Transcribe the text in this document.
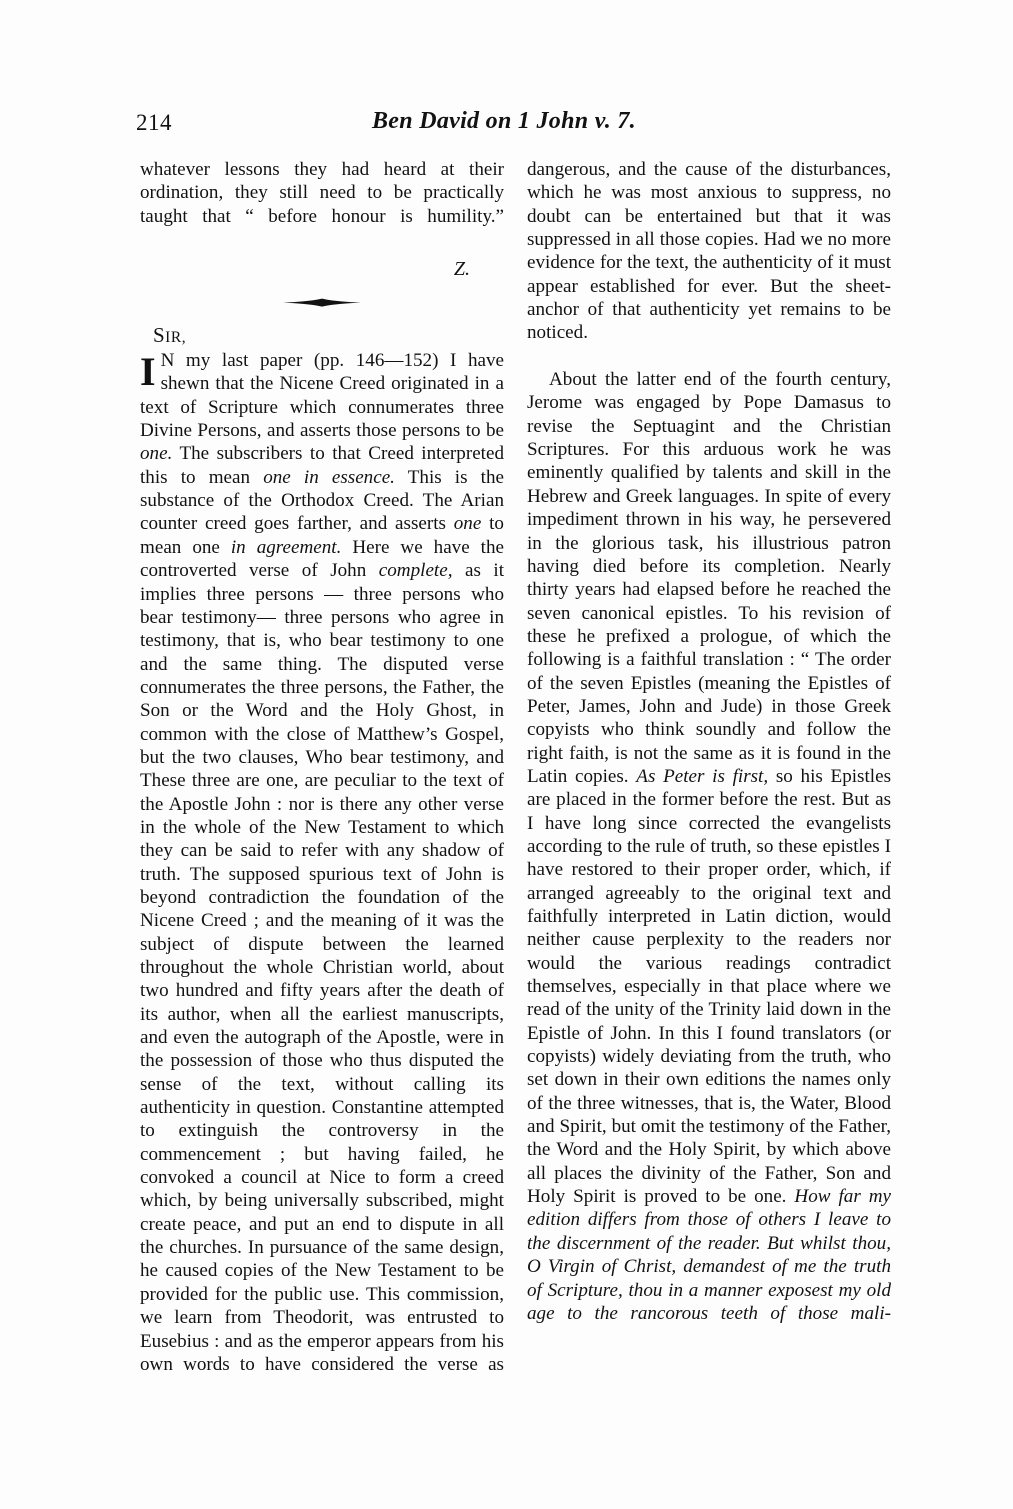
214	Ben David on 1 John v. 7.

whatever lessons they had heard at their ordination, they still need to be practically taught that “ before honour is humility.”

Z.
SIR,

I N my last paper (pp. 146—152) I have shewn that the Nicene Creed originated in a text of Scripture which connumerates three Divine Persons, and asserts those persons to be one. The subscribers to that Creed interpreted this to mean one in essence. This is the substance of the Orthodox Creed. The Arian counter creed goes farther, and asserts one to mean one in agreement. Here we have the controverted verse of John complete, as it implies three persons — three persons who bear testimony— three persons who agree in testimony, that is, who bear testimony to one and the same thing. The disputed verse connumerates the three persons, the Father, the Son or the Word and the Holy Ghost, in common with the close of Matthew’s Gospel, but the two clauses, Who bear testimony, and These three are one, are peculiar to the text of the Apostle John : nor is there any other verse in the whole of the New Testament to which they can be said to refer with any shadow of truth. The supposed spurious text of John is beyond contradiction the foundation of the Nicene Creed ; and the meaning of it was the subject of dispute between the learned throughout the whole Christian world, about two hundred and fifty years after the death of its author, when all the earliest manuscripts, and even the autograph of the Apostle, were in the possession of those who thus disputed the sense of the text, without calling its authenticity in question. Constantine attempted to extinguish the controversy in the commencement ; but having failed, he convoked a council at Nice to form a creed which, by being universally subscribed, might create peace, and put an end to dispute in all the churches. In pursuance of the same design, he caused copies of the New Testament to be provided for the public use. This commission, we learn from Theodorit, was entrusted to Eusebius : and as the emperor appears from his own words to have considered the verse as

dangerous, and the cause of the disturbances, which he was most anxious to suppress, no doubt can be entertained but that it was suppressed in all those copies. Had we no more evidence for the text, the authenticity of it must appear established for ever. But the sheet-anchor of that authenticity yet remains to be noticed.

About the latter end of the fourth century, Jerome was engaged by Pope Damasus to revise the Septuagint and the Christian Scriptures. For this arduous work he was eminently qualified by talents and skill in the Hebrew and Greek languages. In spite of every impediment thrown in his way, he persevered in the glorious task, his illustrious patron having died before its completion. Nearly thirty years had elapsed before he reached the seven canonical epistles. To his revision of these he prefixed a prologue, of which the following is a faithful translation : “ The order of the seven Epistles (meaning the Epistles of Peter, James, John and Jude) in those Greek copyists who think soundly and follow the right faith, is not the same as it is found in the Latin copies. As Peter is first, so his Epistles are placed in the former before the rest. But as I have long since corrected the evangelists according to the rule of truth, so these epistles I have restored to their proper order, which, if arranged agreeably to the original text and faithfully interpreted in Latin diction, would neither cause perplexity to the readers nor would the various readings contradict themselves, especially in that place where we read of the unity of the Trinity laid down in the Epistle of John. In this I found translators (or copyists) widely deviating from the truth, who set down in their own editions the names only of the three witnesses, that is, the Water, Blood and Spirit, but omit the testimony of the Father, the Word and the Holy Spirit, by which above all places the divinity of the Father, Son and Holy Spirit is proved to be one. How far my edition differs from those of others I leave to the discernment of the reader. But whilst thou, O Virgin of Christ, demandest of me the truth of Scripture, thou in a manner exposest my old age to the rancorous teeth of those mali-
